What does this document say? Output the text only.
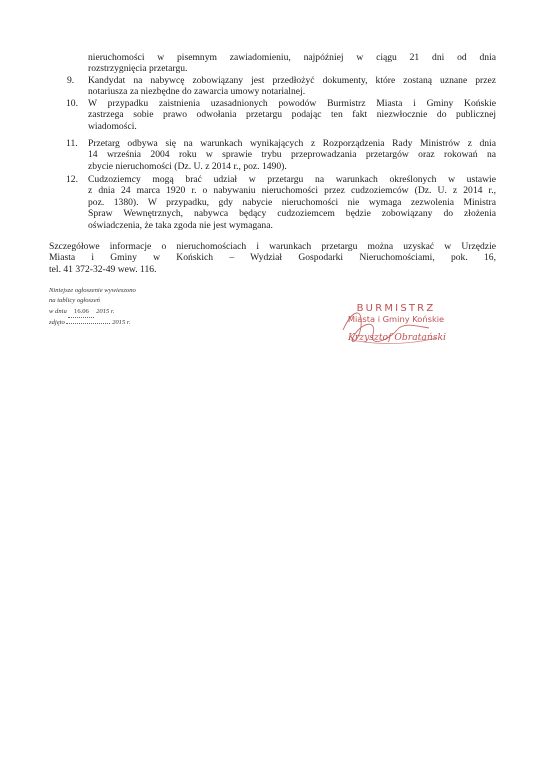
nieruchomości w pisemnym zawiadomieniu, najpóźniej w ciągu 21 dni od dnia
rozstrzygnięcia przetargu.
9. Kandydat na nabywcę zobowiązany jest przedłożyć dokumenty, które zostaną uznane przez
notariusza za niezbędne do zawarcia umowy notarialnej.
10. W przypadku zaistnienia uzasadnionych powodów Burmistrz Miasta i Gminy Końskie
zastrzega sobie prawo odwołania przetargu podając ten fakt niezwłocznie do publicznej
wiadomości.
11. Przetarg odbywa się na warunkach wynikających z Rozporządzenia Rady Ministrów z dnia
14 września 2004 roku w sprawie trybu przeprowadzania przetargów oraz rokowań na
zbycie nieruchomości (Dz. U. z 2014 r., poz. 1490).
12. Cudzoziemcy mogą brać udział w przetargu na warunkach określonych w ustawie
z dnia 24 marca 1920 r. o nabywaniu nieruchomości przez cudzoziemców (Dz. U. z 2014 r.,
poz. 1380). W przypadku, gdy nabycie nieruchomości nie wymaga zezwolenia Ministra
Spraw Wewnętrznych, nabywca będący cudzoziemcem będzie zobowiązany do złożenia
oświadczenia, że taka zgoda nie jest wymagana.
Szczegółowe informacje o nieruchomościach i warunkach przetargu można uzyskać w Urzędzie
Miasta i Gminy w Końskich – Wydział Gospodarki Nieruchomościami, pok. 16,
tel. 41 372-32-49 wew. 116.
Niniejsze ogłoszenie wywieszono
na tablicy ogłoszeń
w dniu 16.06 2015 r.
zdjęto	2015 r.
BURMISTRZ
Miasta i Gminy Końskie
Krzysztof Obratański
